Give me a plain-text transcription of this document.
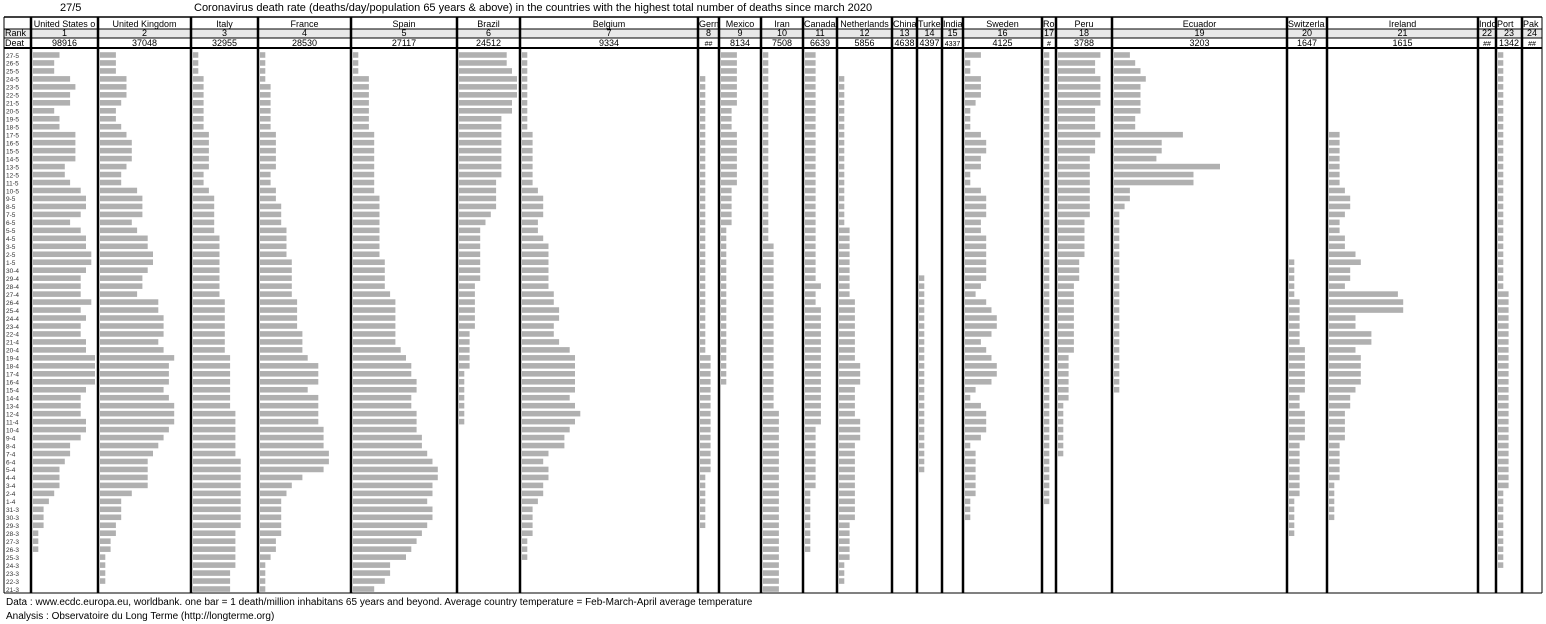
27/5	Coronavirus death rate (deaths/day/population 65 years & above) in the countries with the highest total number of deaths since march 2020
Rank
Deat
27-5
26-5
25-5
24-5
23-5
22-5
21-5
20-5
19-5
18-5
17-5
16-5
15-5
14-5
13-5
12-5
11-5
10-5
9-5
8-5
7-5
6-5
5-5
4-5
3-5
2-5
1-5
30-4
29-4
28-4
27-4
26-4
25-4
24-4
23-4
22-4
21-4
20-4
19-4
18-4
17-4
16-4
15-4
14-4
13-4
12-4
11-4
10-4
9-4
8-4
7-4
6-4
5-4
4-4
3-4
2-4
1-4
31-3
30-3
29-3
28-3
27-3
26-3
25-3
24-3
23-3
22-3
21-3
United States o
1
98916
United Kingdom
2
37048
Italy
3
32955
France
4
28530
Spain
5
27117
Brazil
6
24512
Belgium
7
9334
Gern
8
##
Mexico
9
8134
Iran
10
7508
Canada
11
6639
Netherlands
12
5856
China
13
4638
Turke
14
4397
India
15
4337
Sweden
16
4125
Ro
17
#
Peru
18
3788
Ecuador
19
3203
Switzerla
20
1647
Ireland
21
1615
Indo
22
##
Port
23
1342
Pak
24
##
Data : www.ecdc.europa.eu, worldbank. one bar = 1 death/million inhabitans 65 years and beyond. Average country temperature = Feb-March-April average temperature
Analysis : Observatoire du Long Terme (http://longterme.org)
